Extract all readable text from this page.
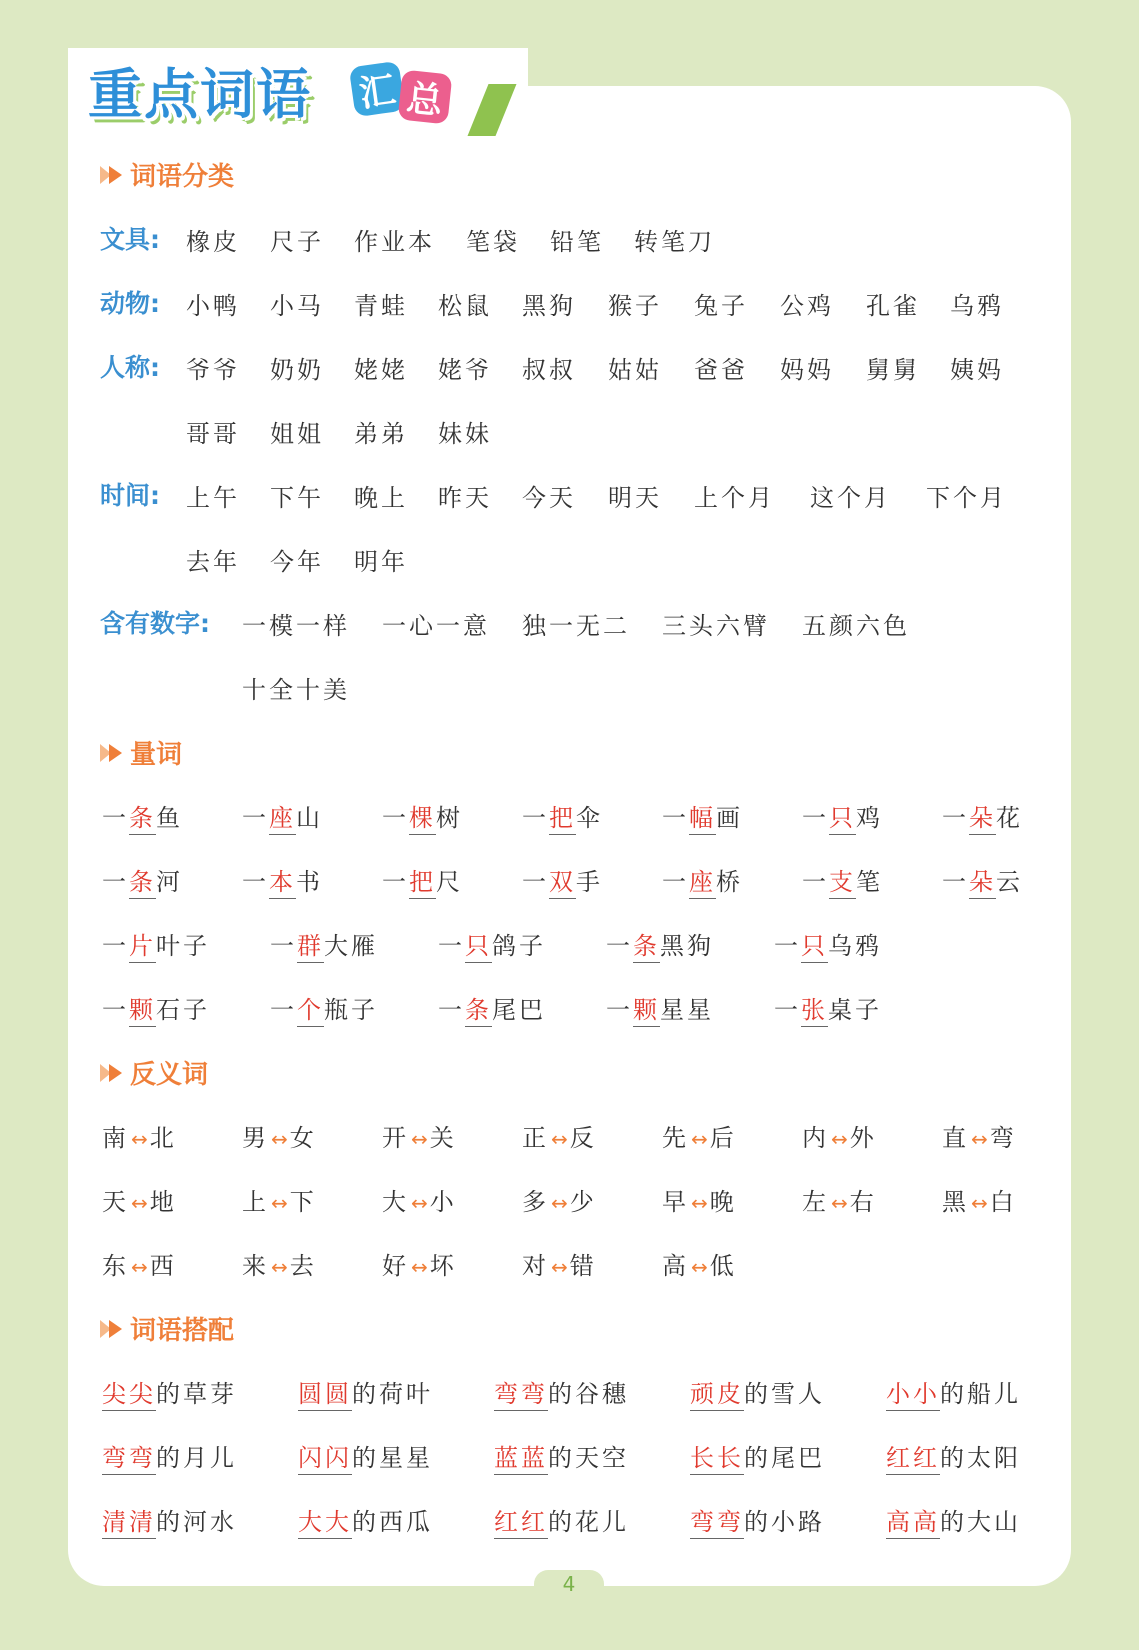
重点词语 汇 总
词语分类
文具: 橡皮 尺子 作业本 笔袋 铅笔 转笔刀
动物: 小鸭 小马 青蛙 松鼠 黑狗 猴子 兔子 公鸡 孔雀 乌鸦
人称: 爷爷 奶奶 姥姥 姥爷 叔叔 姑姑 爸爸 妈妈 舅舅 姨妈
哥哥 姐姐 弟弟 妹妹
时间: 上午 下午 晚上 昨天 今天 明天 上个月 这个月 下个月
去年 今年 明年
含有数字: 一模一样 一心一意 独一无二 三头六臂 五颜六色
十全十美
量词
一条鱼 一座山 一棵树 一把伞 一幅画 一只鸡 一朵花
一条河 一本书 一把尺 一双手 一座桥 一支笔 一朵云
一片叶子	一群大雁	一只鸽子	一条黑狗	一只乌鸦
一颗石子	一个瓶子	一条尾巴	一颗星星	一张桌子
反义词
南 ↔北	男 ↔女	开 ↔关	正 ↔反	先 ↔后	内 ↔外	直 ↔弯
天 ↔地	上 ↔下	大 ↔小	多 ↔少	早 ↔晚	左 ↔右	黑 ↔白
东 ↔西	来 ↔去	好 ↔坏	对 ↔错	高 ↔低
词语搭配
尖尖的草芽	圆圆的荷叶	弯弯的谷穗	顽皮的雪人	小小的船儿
弯弯的月儿	闪闪的星星	蓝蓝的天空	长长的尾巴	红红的太阳
清清的河水	大大的西瓜	红红的花儿	弯弯的小路	高高的大山
4
